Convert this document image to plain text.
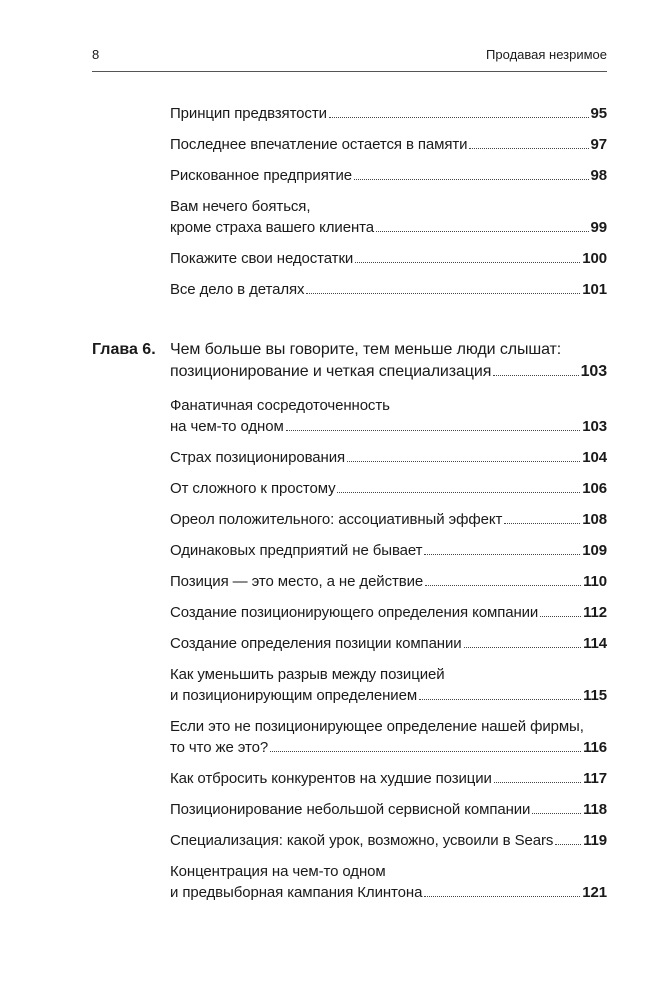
8	Продавая незримое
Принцип предвзятости	95
Последнее впечатление остается в памяти	97
Рискованное предприятие	98
Вам нечего бояться,
кроме страха вашего клиента	99
Покажите свои недостатки	100
Все дело в деталях	101
Глава 6. Чем больше вы говорите, тем меньше люди слышат:
позиционирование и четкая специализация	103
Фанатичная сосредоточенность
на чем-то одном	103
Страх позиционирования	104
От сложного к простому	106
Ореол положительного: ассоциативный эффект	108
Одинаковых предприятий не бывает	109
Позиция — это место, а не действие	110
Создание позиционирующего определения компании	112
Создание определения позиции компании	114
Как уменьшить разрыв между позицией
и позиционирующим определением	115
Если это не позиционирующее определение нашей фирмы,
то что же это?	116
Как отбросить конкурентов на худшие позиции	117
Позиционирование небольшой сервисной компании	118
Специализация: какой урок, возможно, усвоили в Sears 119
Концентрация на чем-то одном
и предвыборная кампания Клинтона	121
